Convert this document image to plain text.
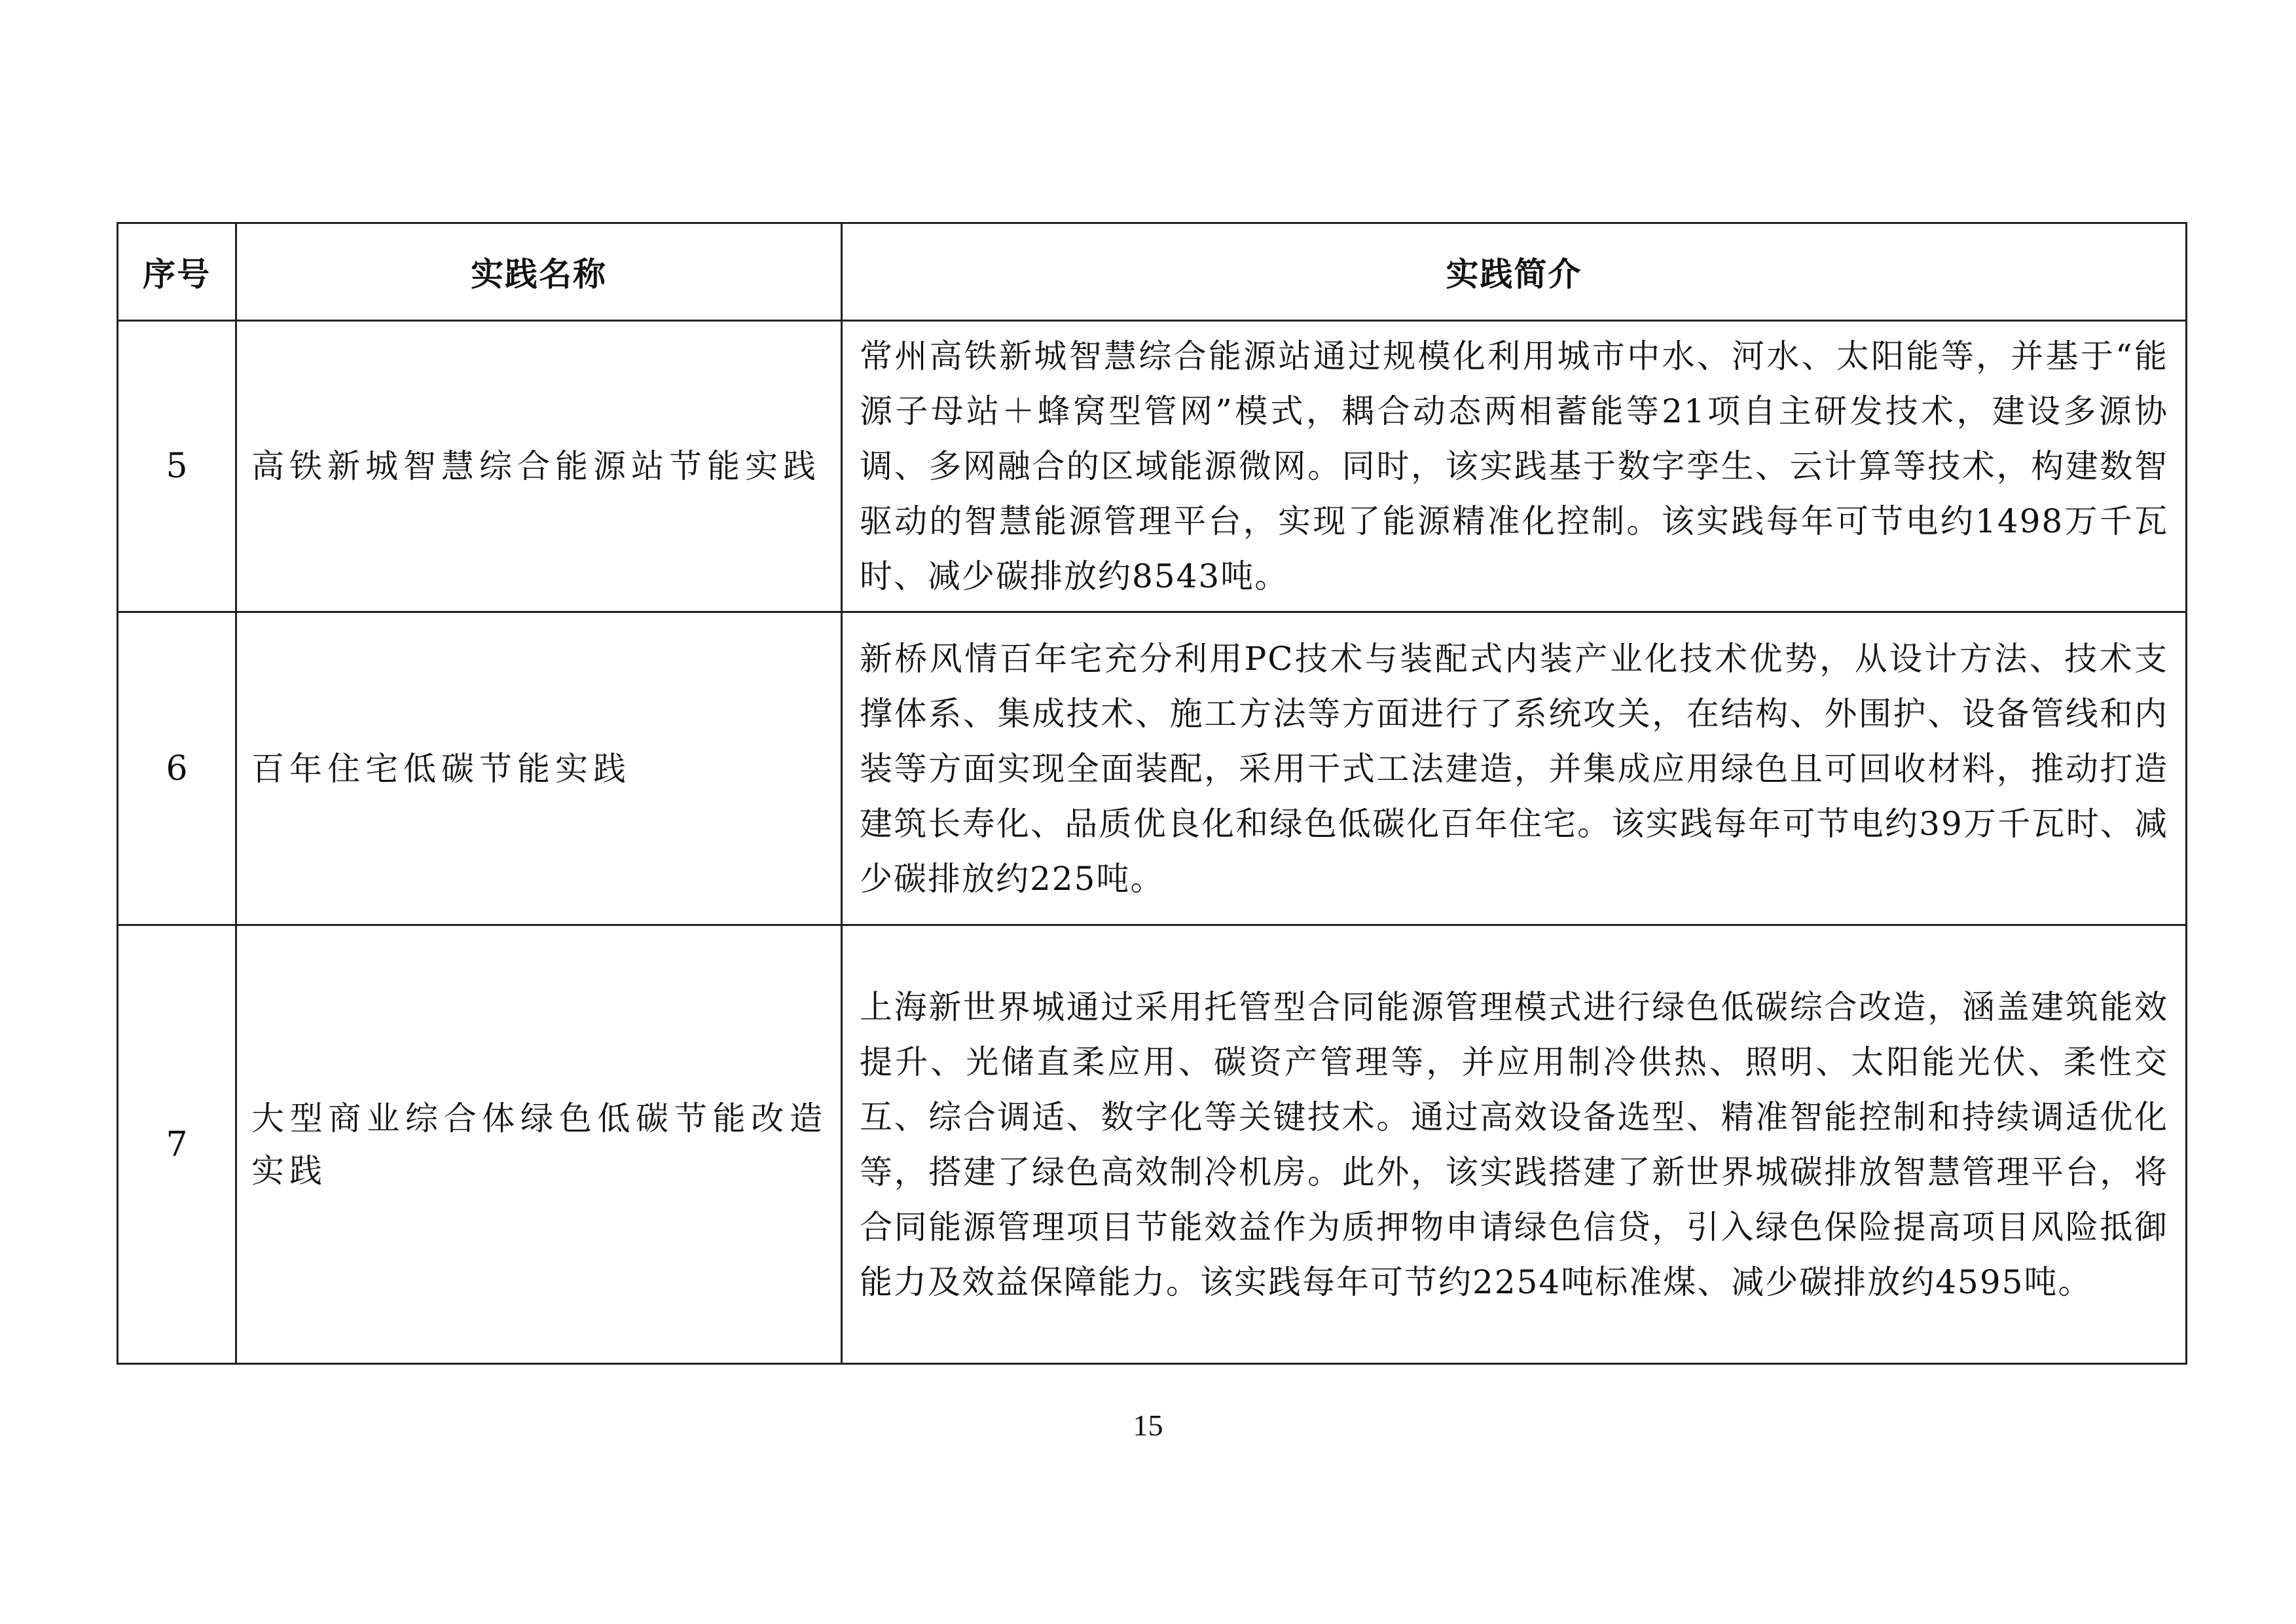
序号	实践名称	实践简介
5	高铁新城智慧综合能源站节能实践	常州高铁新城智慧综合能源站通过规模化利用城市中水、河水、太阳能等，并基于“能源子母站＋蜂窝型管网”模式，耦合动态两相蓄能等21项自主研发技术，建设多源协调、多网融合的区域能源微网。同时，该实践基于数字孪生、云计算等技术，构建数智驱动的智慧能源管理平台，实现了能源精准化控制。该实践每年可节电约1498万千瓦时、减少碳排放约8543吨。
6	百年住宅低碳节能实践	新桥风情百年宅充分利用PC技术与装配式内装产业化技术优势，从设计方法、技术支撑体系、集成技术、施工方法等方面进行了系统攻关，在结构、外围护、设备管线和内装等方面实现全面装配，采用干式工法建造，并集成应用绿色且可回收材料，推动打造建筑长寿化、品质优良化和绿色低碳化百年住宅。该实践每年可节电约39万千瓦时、减少碳排放约225吨。
7	大型商业综合体绿色低碳节能改造实践	上海新世界城通过采用托管型合同能源管理模式进行绿色低碳综合改造，涵盖建筑能效提升、光储直柔应用、碳资产管理等，并应用制冷供热、照明、太阳能光伏、柔性交互、综合调适、数字化等关键技术。通过高效设备选型、精准智能控制和持续调适优化等，搭建了绿色高效制冷机房。此外，该实践搭建了新世界城碳排放智慧管理平台，将合同能源管理项目节能效益作为质押物申请绿色信贷，引入绿色保险提高项目风险抵御能力及效益保障能力。该实践每年可节约2254吨标准煤、减少碳排放约4595吨。
15
